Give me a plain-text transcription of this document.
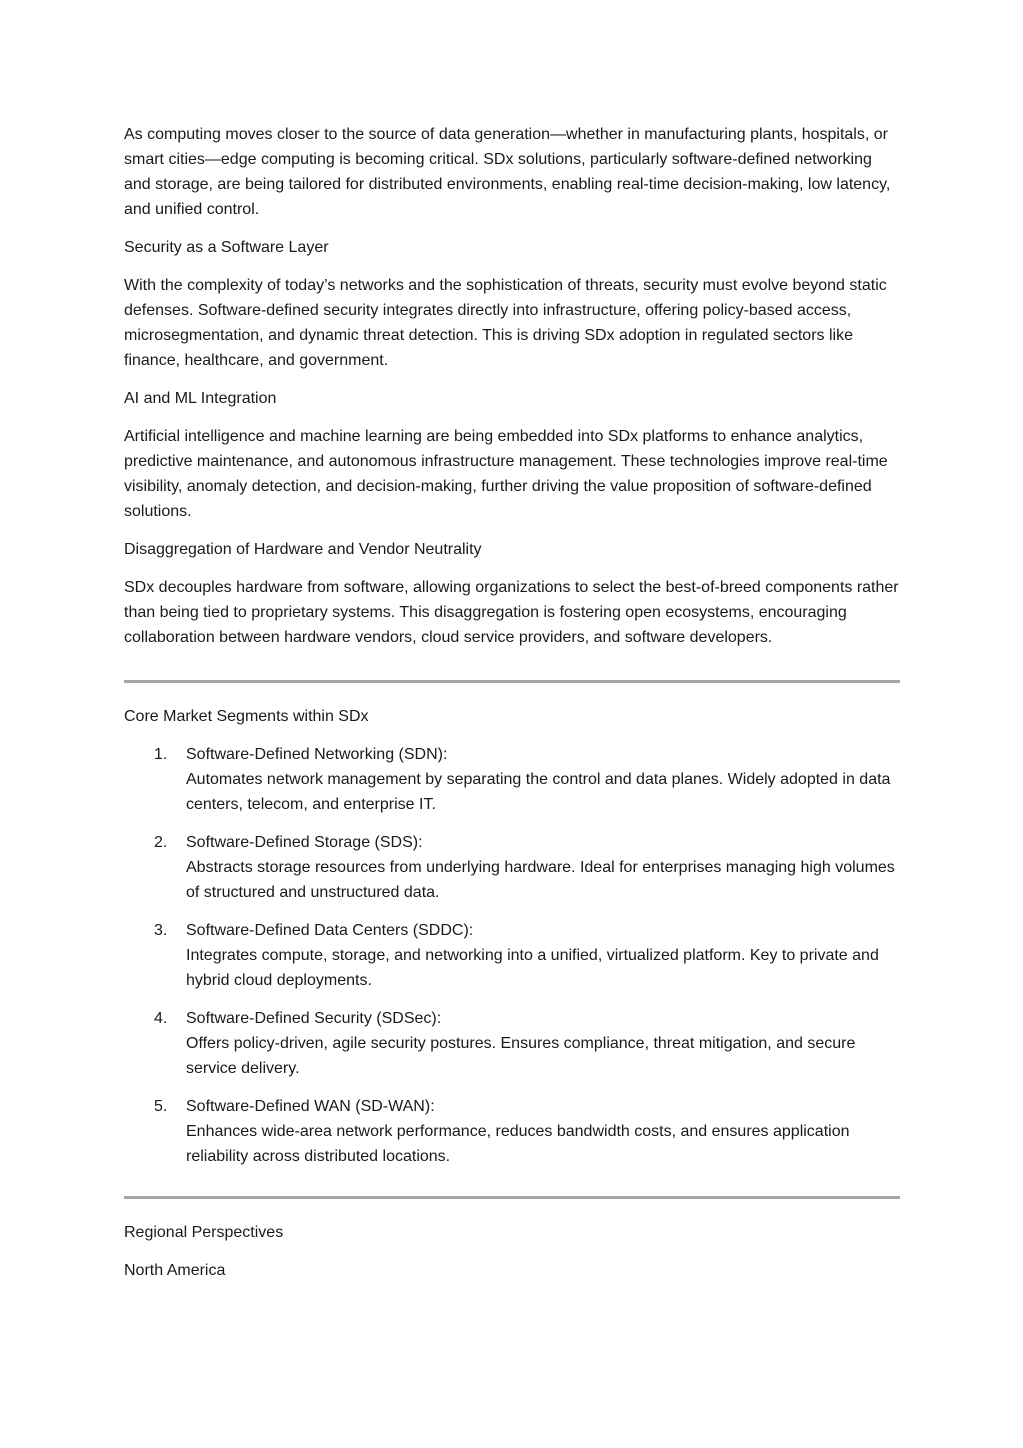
As computing moves closer to the source of data generation—whether in manufacturing plants, hospitals, or smart cities—edge computing is becoming critical. SDx solutions, particularly software-defined networking and storage, are being tailored for distributed environments, enabling real-time decision-making, low latency, and unified control.

Security as a Software Layer

With the complexity of today’s networks and the sophistication of threats, security must evolve beyond static defenses. Software-defined security integrates directly into infrastructure, offering policy-based access, microsegmentation, and dynamic threat detection. This is driving SDx adoption in regulated sectors like finance, healthcare, and government.

AI and ML Integration

Artificial intelligence and machine learning are being embedded into SDx platforms to enhance analytics, predictive maintenance, and autonomous infrastructure management. These technologies improve real-time visibility, anomaly detection, and decision-making, further driving the value proposition of software-defined solutions.

Disaggregation of Hardware and Vendor Neutrality

SDx decouples hardware from software, allowing organizations to select the best-of-breed components rather than being tied to proprietary systems. This disaggregation is fostering open ecosystems, encouraging collaboration between hardware vendors, cloud service providers, and software developers.

Core Market Segments within SDx

1. Software-Defined Networking (SDN):
Automates network management by separating the control and data planes. Widely adopted in data centers, telecom, and enterprise IT.
2. Software-Defined Storage (SDS):
Abstracts storage resources from underlying hardware. Ideal for enterprises managing high volumes of structured and unstructured data.
3. Software-Defined Data Centers (SDDC):
Integrates compute, storage, and networking into a unified, virtualized platform. Key to private and hybrid cloud deployments.
4. Software-Defined Security (SDSec):
Offers policy-driven, agile security postures. Ensures compliance, threat mitigation, and secure service delivery.
5. Software-Defined WAN (SD-WAN):
Enhances wide-area network performance, reduces bandwidth costs, and ensures application reliability across distributed locations.

Regional Perspectives

North America
